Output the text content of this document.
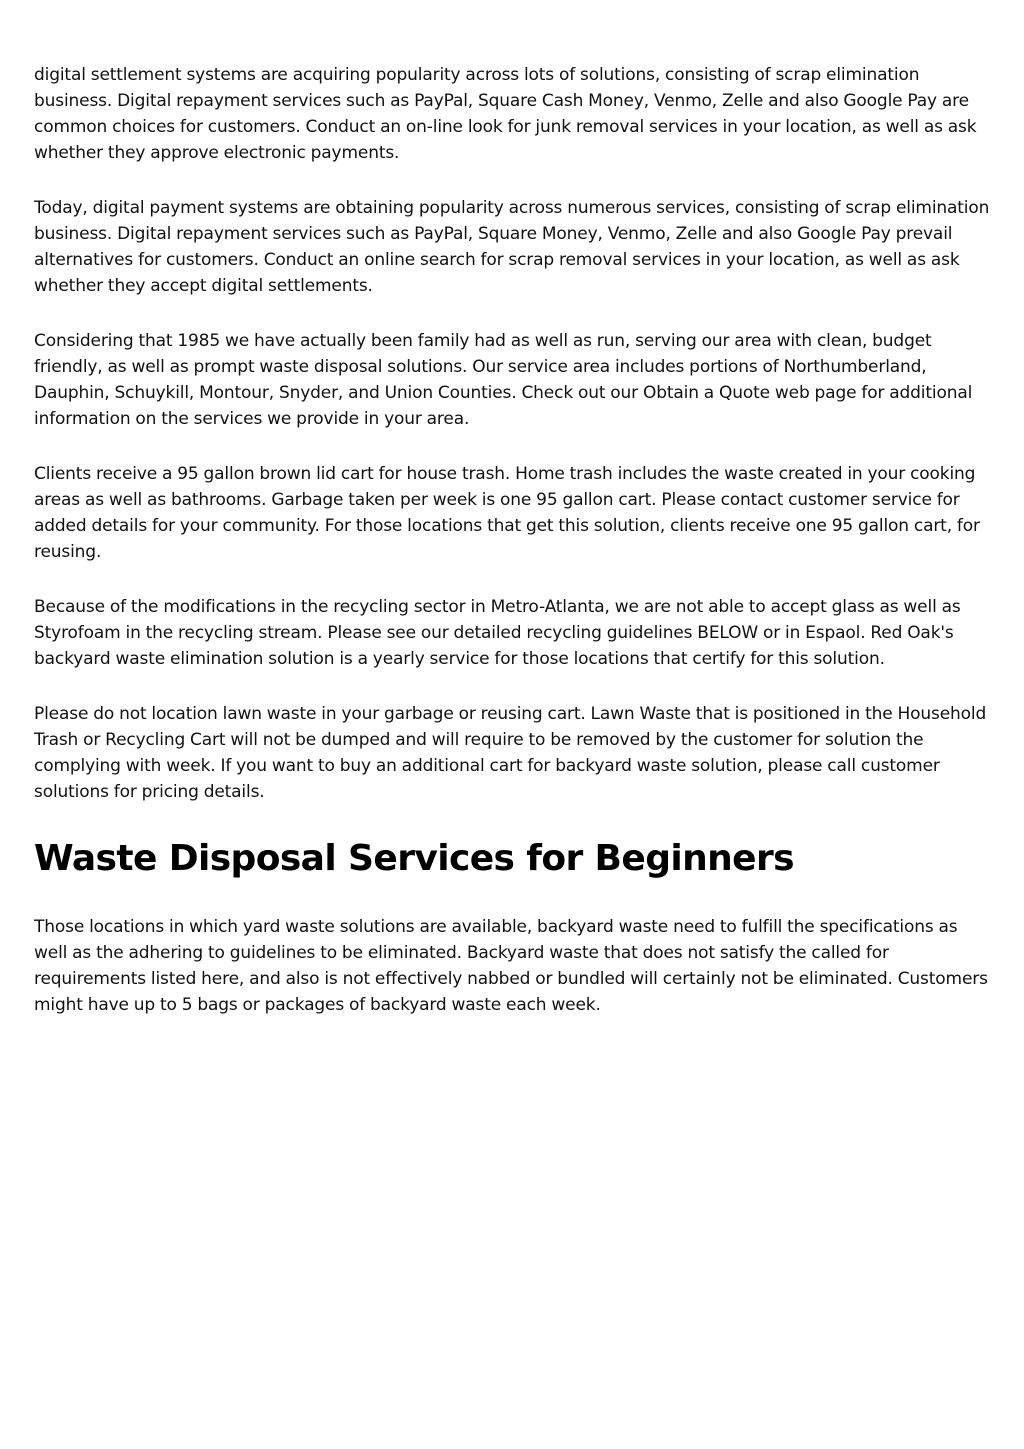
digital settlement systems are acquiring popularity across lots of solutions, consisting of scrap elimination business. Digital repayment services such as PayPal, Square Cash Money, Venmo, Zelle and also Google Pay are common choices for customers. Conduct an on-line look for junk removal services in your location, as well as ask whether they approve electronic payments.

Today, digital payment systems are obtaining popularity across numerous services, consisting of scrap elimination business. Digital repayment services such as PayPal, Square Money, Venmo, Zelle and also Google Pay prevail alternatives for customers. Conduct an online search for scrap removal services in your location, as well as ask whether they accept digital settlements.

Considering that 1985 we have actually been family had as well as run, serving our area with clean, budget friendly, as well as prompt waste disposal solutions. Our service area includes portions of Northumberland, Dauphin, Schuykill, Montour, Snyder, and Union Counties. Check out our Obtain a Quote web page for additional information on the services we provide in your area.

Clients receive a 95 gallon brown lid cart for house trash. Home trash includes the waste created in your cooking areas as well as bathrooms. Garbage taken per week is one 95 gallon cart. Please contact customer service for added details for your community. For those locations that get this solution, clients receive one 95 gallon cart, for reusing.

Because of the modifications in the recycling sector in Metro-Atlanta, we are not able to accept glass as well as Styrofoam in the recycling stream. Please see our detailed recycling guidelines BELOW or in Espaol. Red Oak's backyard waste elimination solution is a yearly service for those locations that certify for this solution.

Please do not location lawn waste in your garbage or reusing cart. Lawn Waste that is positioned in the Household Trash or Recycling Cart will not be dumped and will require to be removed by the customer for solution the complying with week. If you want to buy an additional cart for backyard waste solution, please call customer solutions for pricing details.

Waste Disposal Services for Beginners

Those locations in which yard waste solutions are available, backyard waste need to fulfill the specifications as well as the adhering to guidelines to be eliminated. Backyard waste that does not satisfy the called for requirements listed here, and also is not effectively nabbed or bundled will certainly not be eliminated. Customers might have up to 5 bags or packages of backyard waste each week.
